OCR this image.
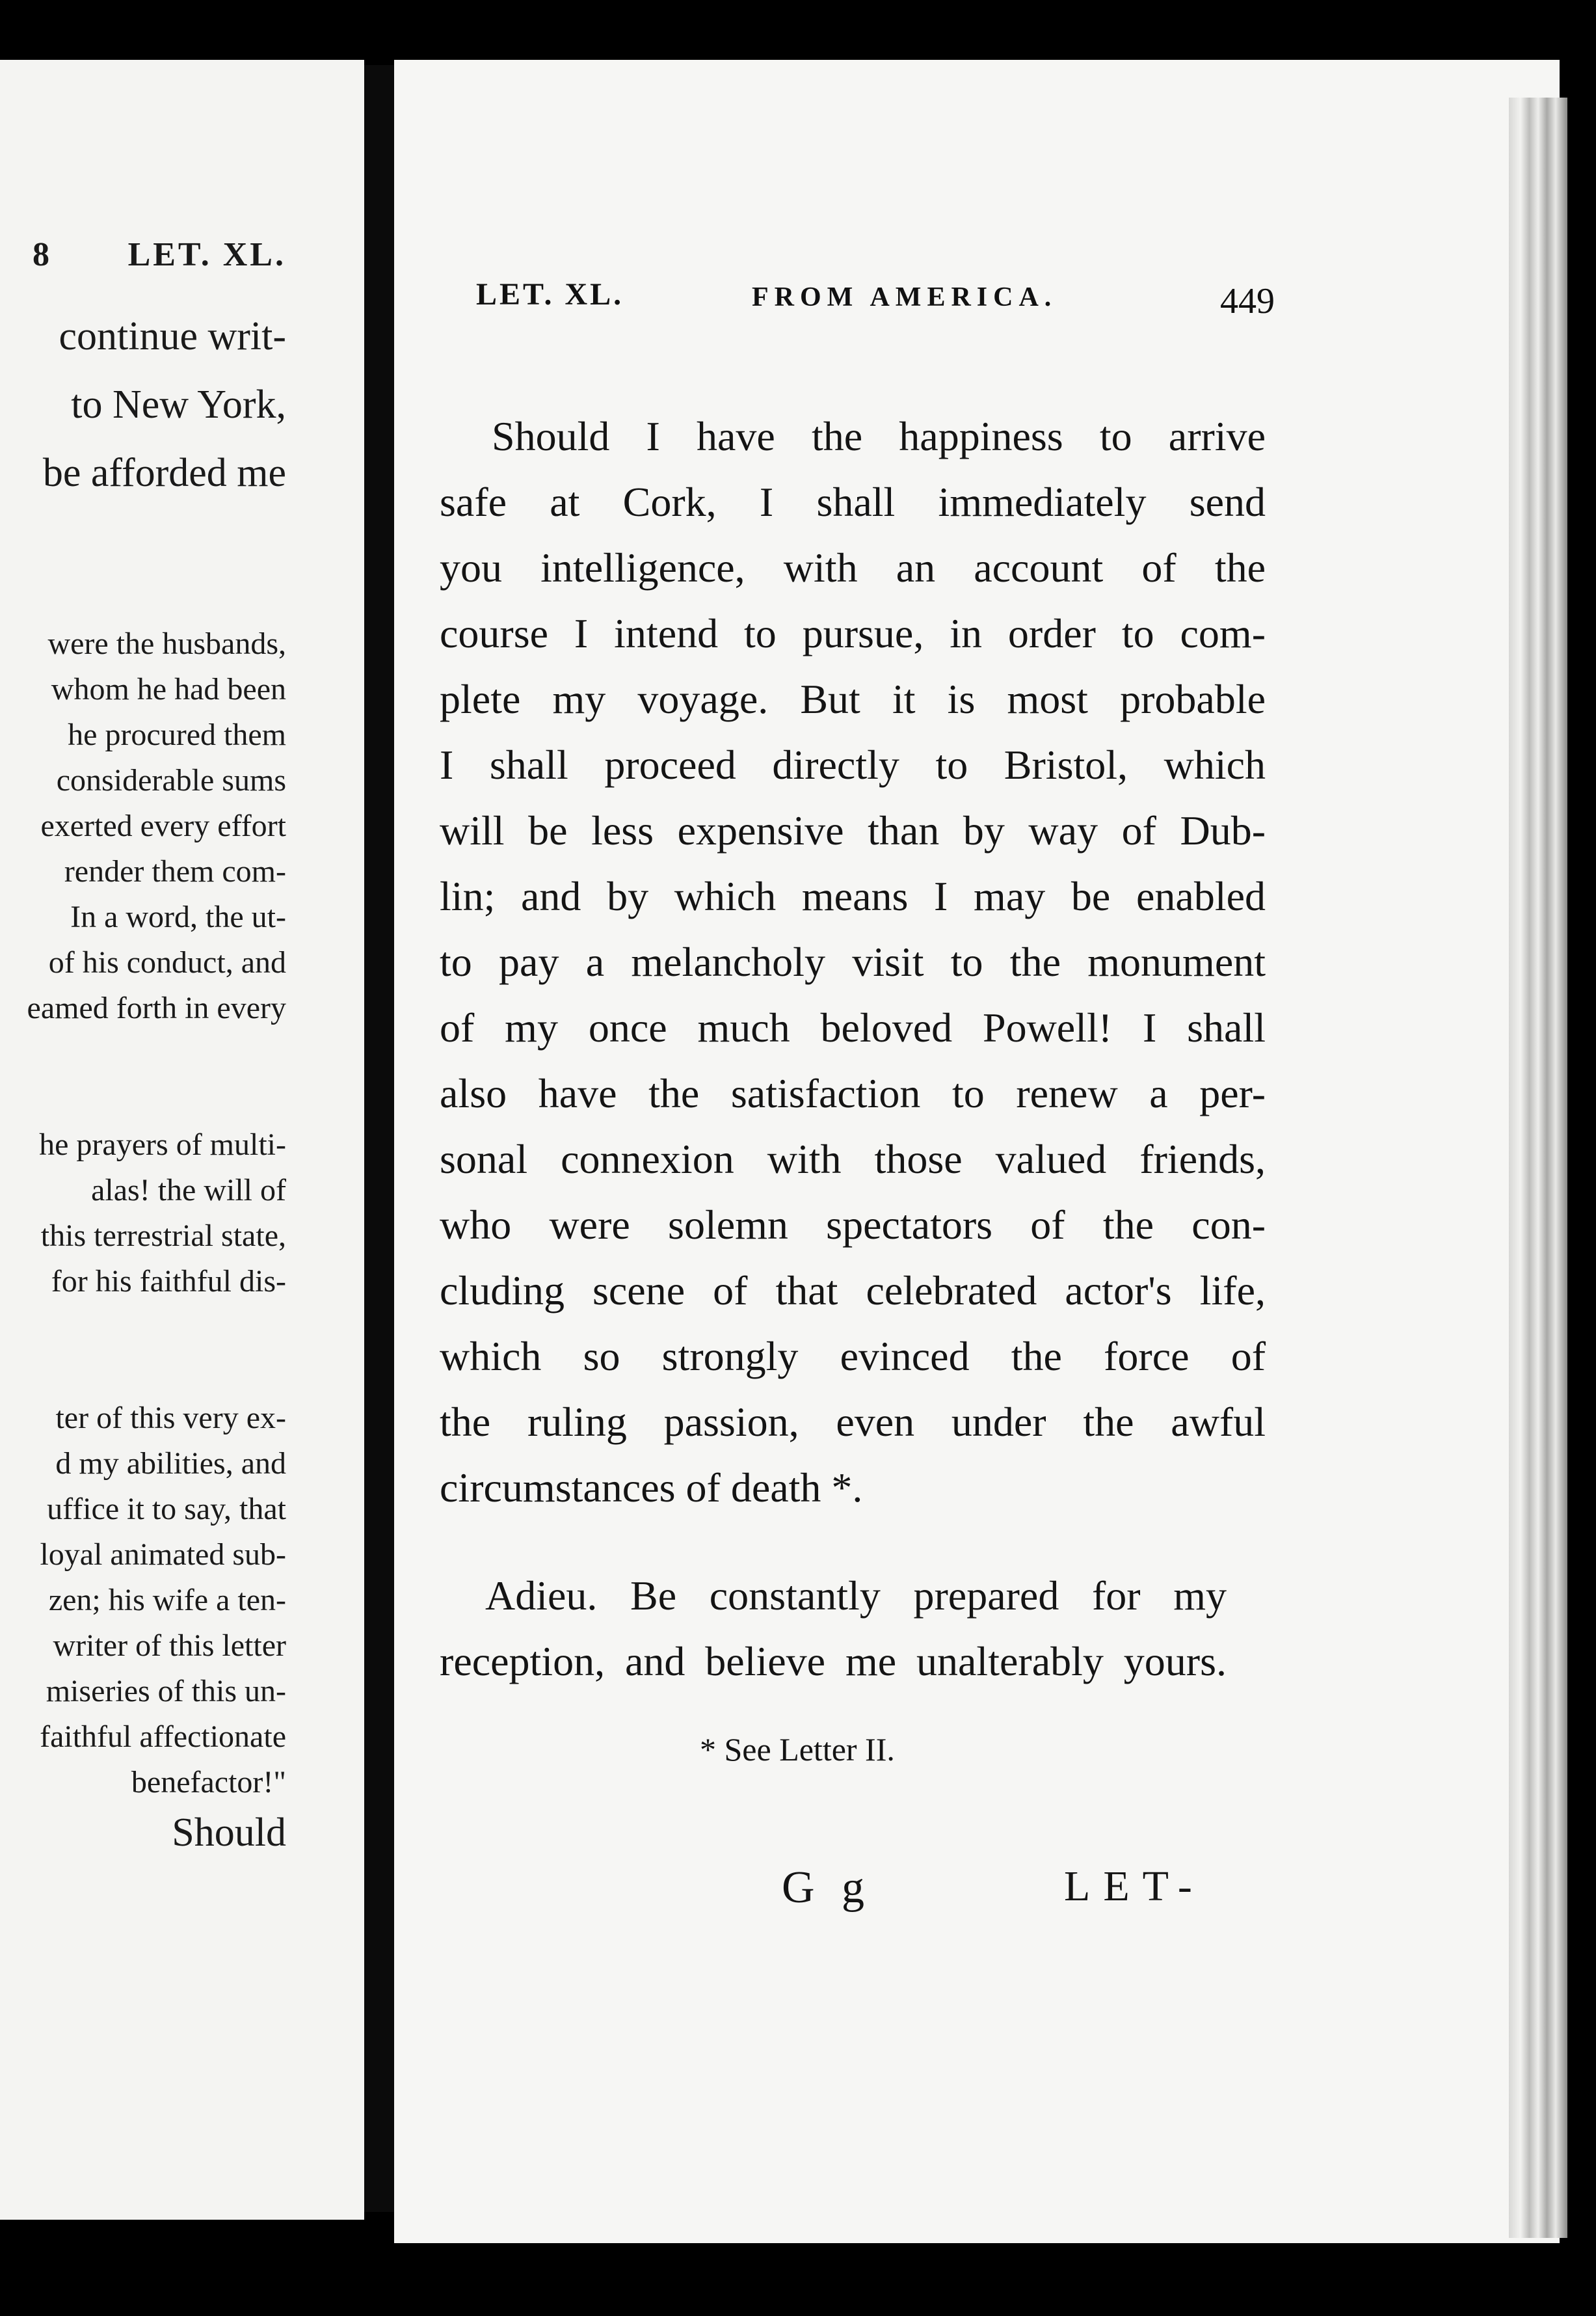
8 LET. XL.
continue writ-
to New York,
be afforded me
were the husbands,
whom he had been
he procured them
considerable sums
exerted every effort
render them com-
In a word, the ut-
of his conduct, and
eamed forth in every
he prayers of multi-
alas! the will of
this terrestrial state,
for his faithful dis-
ter of this very ex-
d my abilities, and
uffice it to say, that
loyal animated sub-
zen; his wife a ten-
writer of this letter
miseries of this un-
faithful affectionate
benefactor!"
Should
LET. XL.	FROM AMERICA.	449
Should I have the happiness to arrive
safe at Cork, I shall immediately send
you intelligence, with an account of the
course I intend to pursue, in order to com-
plete my voyage. But it is most probable
I shall proceed directly to Bristol, which
will be less expensive than by way of Dub-
lin; and by which means I may be enabled
to pay a melancholy visit to the monument
of my once much beloved Powell! I shall
also have the satisfaction to renew a per-
sonal connexion with those valued friends,
who were solemn spectators of the con-
cluding scene of that celebrated actor's life,
which so strongly evinced the force of
the ruling passion, even under the awful
circumstances of death *.
Adieu. Be constantly prepared for my
reception, and believe me unalterably yours.
* See Letter II.
G g	LET-
